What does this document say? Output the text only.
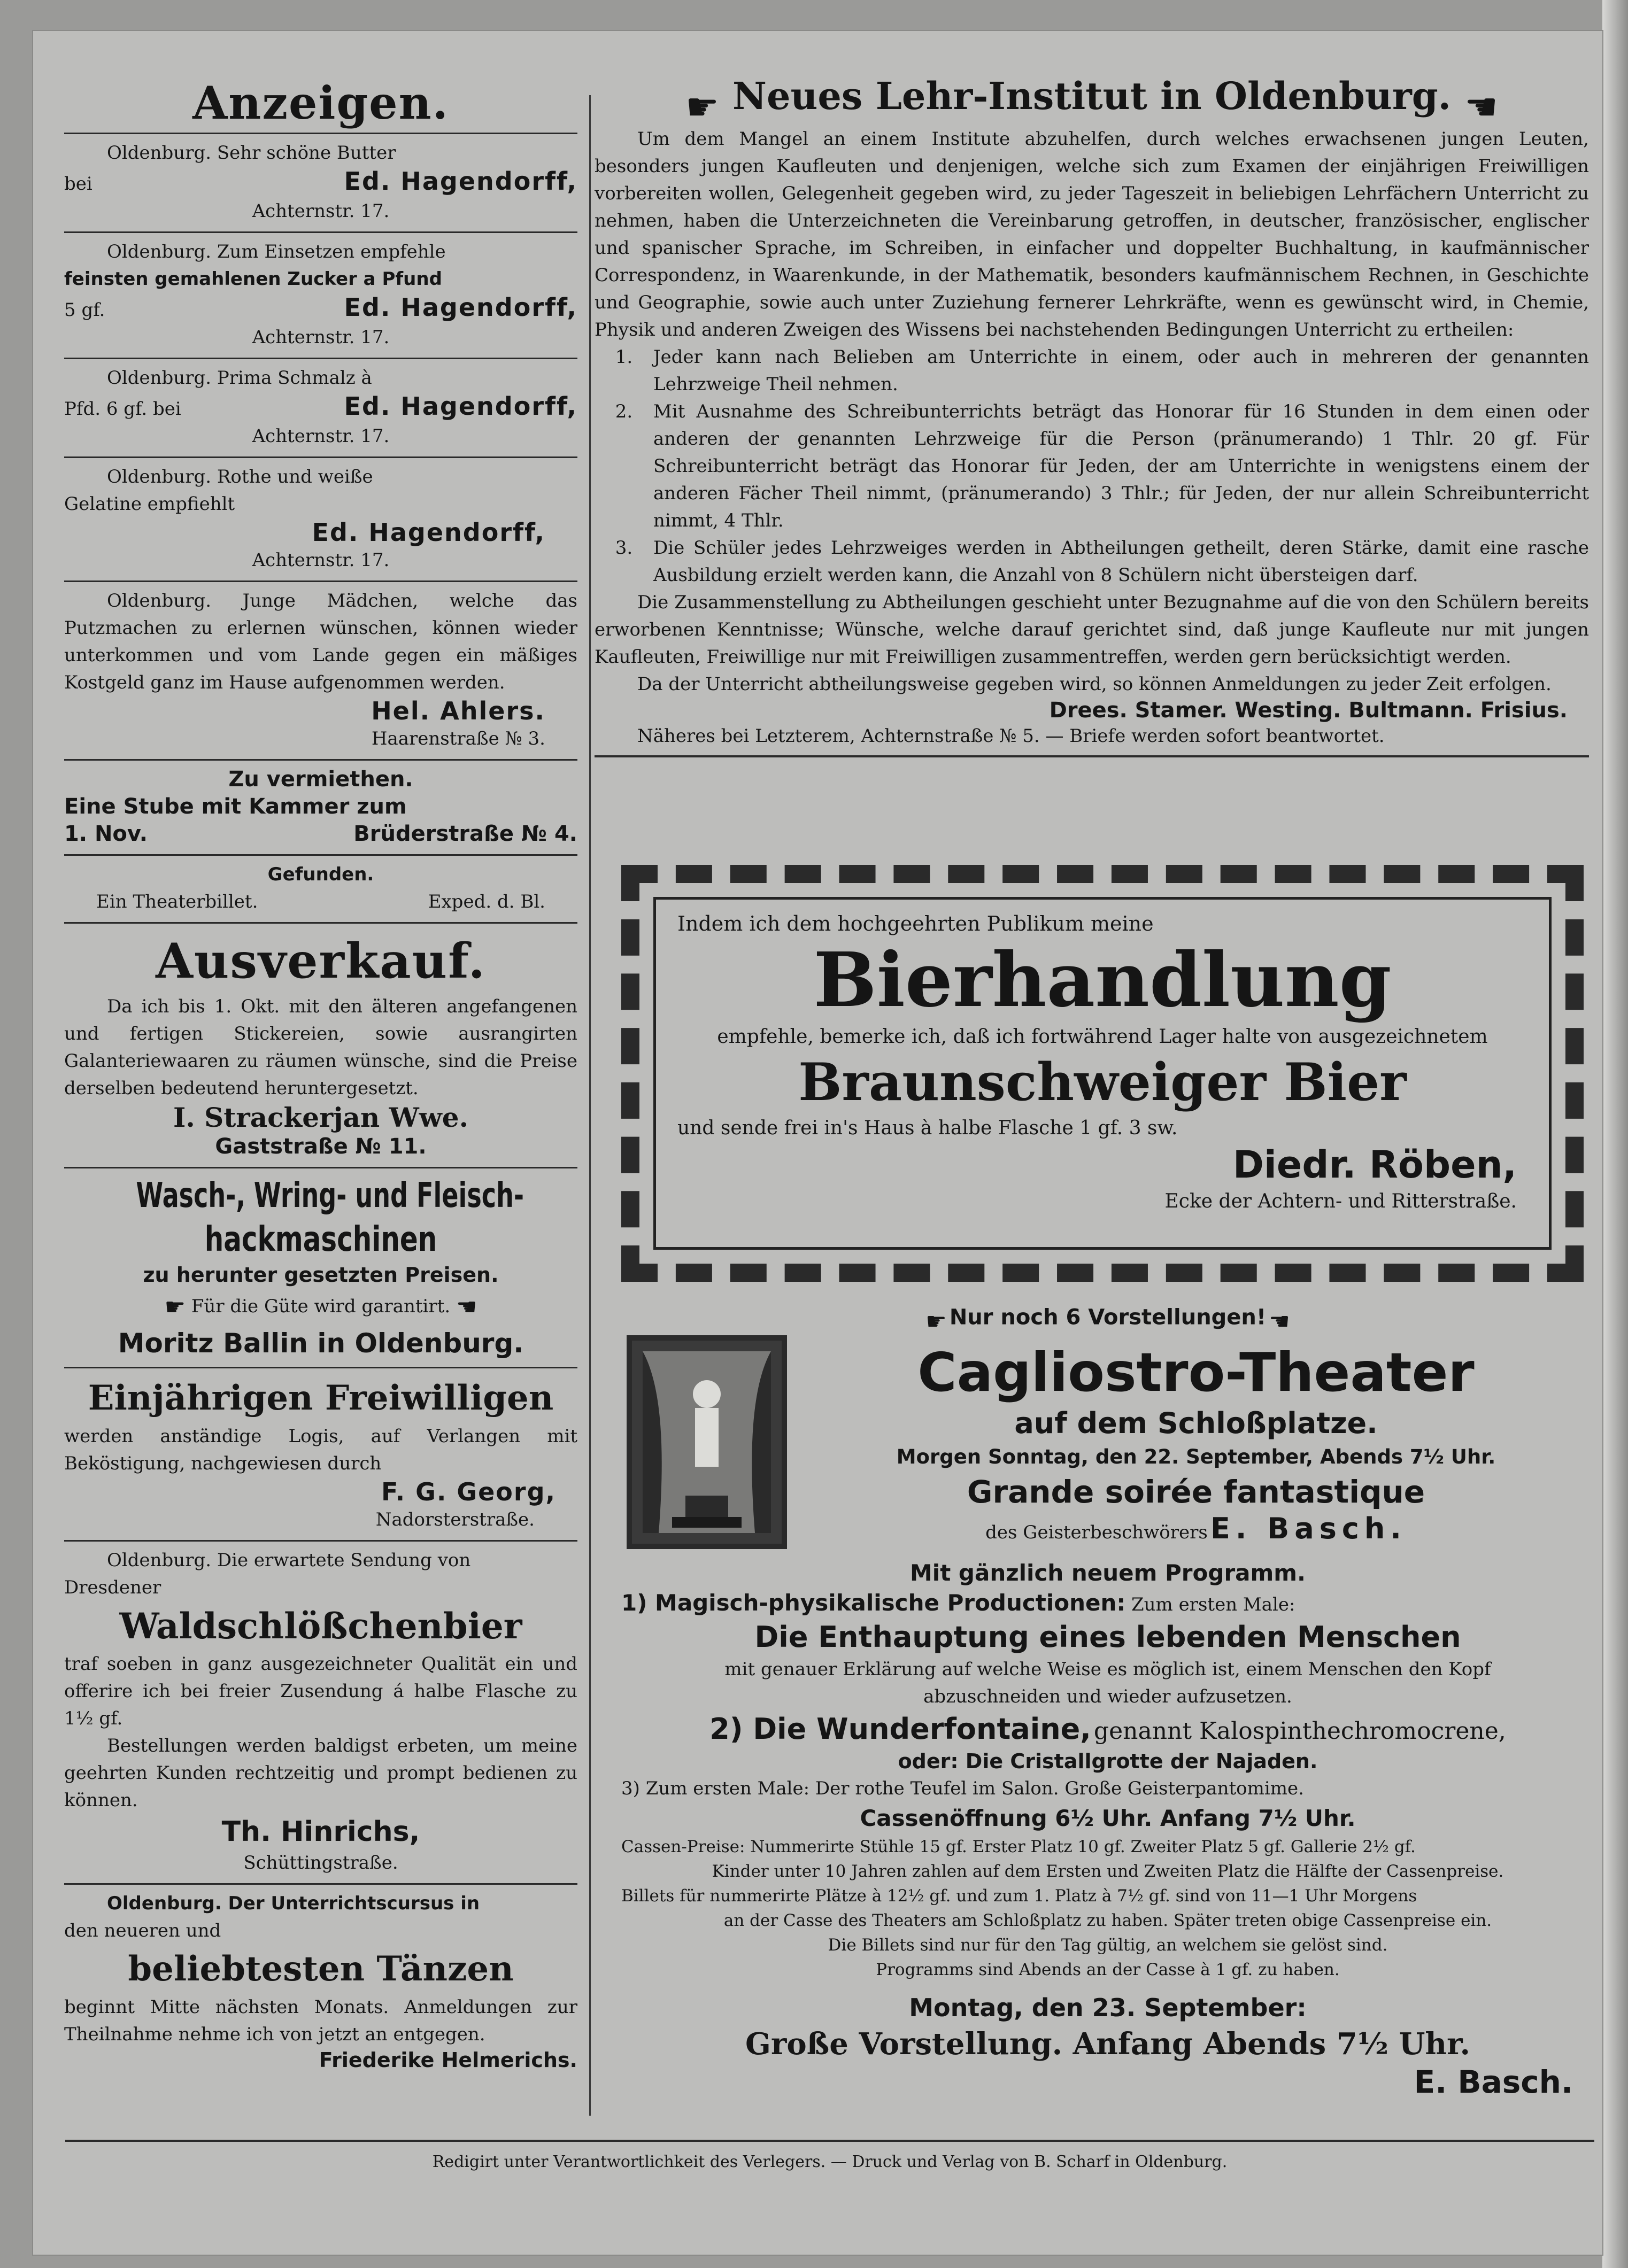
Anzeigen.
Oldenburg. Sehr schöne Butter
bei	Ed. Hagendorff,
Achternstr. 17.
Oldenburg. Zum Einsetzen empfehle
feinsten gemahlenen Zucker a Pfund
5 gf.	Ed. Hagendorff,
Achternstr. 17.
Oldenburg. Prima Schmalz à
Pfd. 6 gf. bei	Ed. Hagendorff,
Achternstr. 17.
Oldenburg. Rothe und weiße
Gelatine empfiehlt
Ed. Hagendorff,
Achternstr. 17.
Oldenburg. Junge Mädchen, welche das Putzmachen zu erlernen wünschen, können wieder unterkommen und vom Lande gegen ein mäßiges Kostgeld ganz im Hause aufgenommen werden.
Hel. Ahlers.
Haarenstraße № 3.
Zu vermiethen.
Eine Stube mit Kammer zum
1. Nov.	Brüderstraße № 4.
Gefunden.
Ein Theaterbillet.	Exped. d. Bl.
Ausverkauf.
Da ich bis 1. Okt. mit den älteren angefangenen und fertigen Stickereien, sowie ausrangirten Galanteriewaaren zu räumen wünsche, sind die Preise derselben bedeutend heruntergesetzt.
I. Strackerjan Wwe.
Gaststraße № 11.
Wasch-, Wring- und Fleisch-
hackmaschinen
zu herunter gesetzten Preisen.
☛ Für die Güte wird garantirt. ☚
Moritz Ballin in Oldenburg.
Einjährigen Freiwilligen
werden anständige Logis, auf Verlangen mit Beköstigung, nachgewiesen durch
F. G. Georg,
Nadorsterstraße.
Oldenburg. Die erwartete Sendung von
Dresdener
Waldschlößchenbier
traf soeben in ganz ausgezeichneter Qualität ein und offerire ich bei freier Zusendung á halbe Flasche zu 1½ gf.
Bestellungen werden baldigst erbeten, um meine geehrten Kunden rechtzeitig und prompt bedienen zu können.
Th. Hinrichs,
Schüttingstraße.
Oldenburg. Der Unterrichtscursus in
den neueren und
beliebtesten Tänzen
beginnt Mitte nächsten Monats. Anmeldungen zur Theilnahme nehme ich von jetzt an entgegen.
Friederike Helmerichs.
☛ Neues Lehr-Institut in Oldenburg. ☚
Um dem Mangel an einem Institute abzuhelfen, durch welches erwachsenen jungen Leuten, besonders jungen Kaufleuten und denjenigen, welche sich zum Examen der einjährigen Freiwilligen vorbereiten wollen, Gelegenheit gegeben wird, zu jeder Tageszeit in beliebigen Lehrfächern Unterricht zu nehmen, haben die Unterzeichneten die Vereinbarung getroffen, in deutscher, französischer, englischer und spanischer Sprache, im Schreiben, in einfacher und doppelter Buchhaltung, in kaufmännischer Correspondenz, in Waarenkunde, in der Mathematik, besonders kaufmännischem Rechnen, in Geschichte und Geographie, sowie auch unter Zuziehung fernerer Lehrkräfte, wenn es gewünscht wird, in Chemie, Physik und anderen Zweigen des Wissens bei nachstehenden Bedingungen Unterricht zu ertheilen:
1.	Jeder kann nach Belieben am Unterrichte in einem, oder auch in mehreren der genannten Lehrzweige Theil nehmen.
2.	Mit Ausnahme des Schreibunterrichts beträgt das Honorar für 16 Stunden in dem einen oder anderen der genannten Lehrzweige für die Person (pränumerando) 1 Thlr. 20 gf. Für Schreibunterricht beträgt das Honorar für Jeden, der am Unterrichte in wenigstens einem der anderen Fächer Theil nimmt, (pränumerando) 3 Thlr.; für Jeden, der nur allein Schreibunterricht nimmt, 4 Thlr.
3.	Die Schüler jedes Lehrzweiges werden in Abtheilungen getheilt, deren Stärke, damit eine rasche Ausbildung erzielt werden kann, die Anzahl von 8 Schülern nicht übersteigen darf.
Die Zusammenstellung zu Abtheilungen geschieht unter Bezugnahme auf die von den Schülern bereits erworbenen Kenntnisse; Wünsche, welche darauf gerichtet sind, daß junge Kaufleute nur mit jungen Kaufleuten, Freiwillige nur mit Freiwilligen zusammentreffen, werden gern berücksichtigt werden.
Da der Unterricht abtheilungsweise gegeben wird, so können Anmeldungen zu jeder Zeit erfolgen.
Drees. Stamer. Westing. Bultmann. Frisius.
Näheres bei Letzterem, Achternstraße № 5. — Briefe werden sofort beantwortet.
Indem ich dem hochgeehrten Publikum meine
Bierhandlung
empfehle, bemerke ich, daß ich fortwährend Lager halte von ausgezeichnetem
Braunschweiger Bier
und sende frei in's Haus à halbe Flasche 1 gf. 3 sw.
Diedr. Röben,
Ecke der Achtern- und Ritterstraße.
☛ Nur noch 6 Vorstellungen! ☚
Cagliostro-Theater
auf dem Schloßplatze.
Morgen Sonntag, den 22. September, Abends 7½ Uhr.
Grande soirée fantastique
des Geisterbeschwörers E. Basch.
Mit gänzlich neuem Programm.
1) Magisch-physikalische Productionen: Zum ersten Male:
Die Enthauptung eines lebenden Menschen
mit genauer Erklärung auf welche Weise es möglich ist, einem Menschen den Kopf abzuschneiden und wieder aufzusetzen.
2) Die Wunderfontaine, genannt Kalospinthechromocrene,
oder: Die Cristallgrotte der Najaden.
3) Zum ersten Male: Der rothe Teufel im Salon. Große Geisterpantomime.
Cassenöffnung 6½ Uhr. Anfang 7½ Uhr.
Cassen-Preise: Nummerirte Stühle 15 gf. Erster Platz 10 gf. Zweiter Platz 5 gf. Gallerie 2½ gf.
Kinder unter 10 Jahren zahlen auf dem Ersten und Zweiten Platz die Hälfte der Cassenpreise.
Billets für nummerirte Plätze à 12½ gf. und zum 1. Platz à 7½ gf. sind von 11—1 Uhr Morgens
an der Casse des Theaters am Schloßplatz zu haben. Später treten obige Cassenpreise ein.
Die Billets sind nur für den Tag gültig, an welchem sie gelöst sind.
Programms sind Abends an der Casse à 1 gf. zu haben.
Montag, den 23. September:
Große Vorstellung. Anfang Abends 7½ Uhr.
E. Basch.
Redigirt unter Verantwortlichkeit des Verlegers. — Druck und Verlag von B. Scharf in Oldenburg.
